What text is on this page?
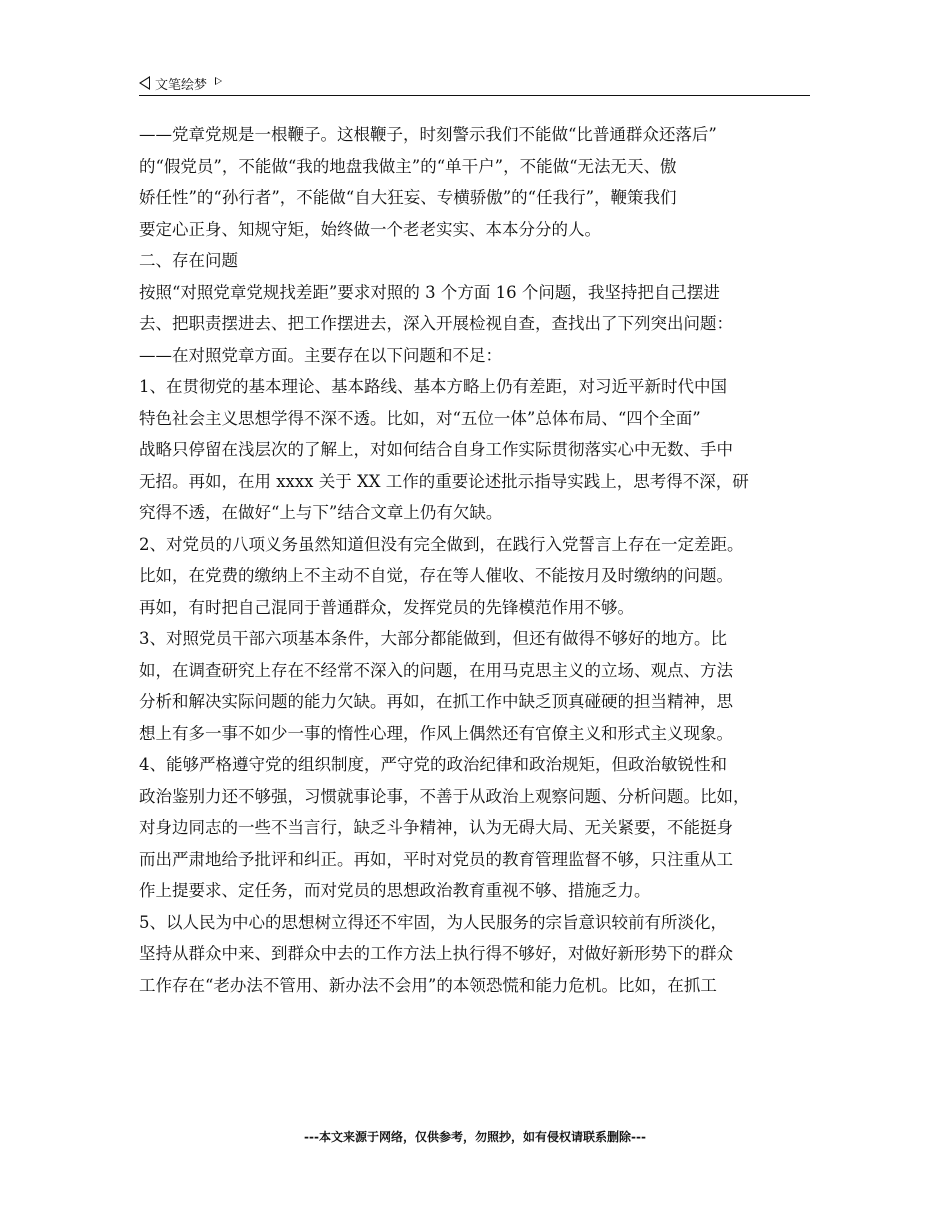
文笔绘梦

——党章党规是一根鞭子。这根鞭子，时刻警示我们不能做“比普通群众还落后”

的“假党员”，不能做“我的地盘我做主”的“单干户”，不能做“无法无天、傲

娇任性”的“孙行者”，不能做“自大狂妄、专横骄傲”的“任我行”，鞭策我们

要定心正身、知规守矩，始终做一个老老实实、本本分分的人。

二、存在问题

按照“对照党章党规找差距”要求对照的 3 个方面 16 个问题，我坚持把自己摆进

去、把职责摆进去、把工作摆进去，深入开展检视自查，查找出了下列突出问题：

——在对照党章方面。主要存在以下问题和不足：

1、在贯彻党的基本理论、基本路线、基本方略上仍有差距，对习近平新时代中国

特色社会主义思想学得不深不透。比如，对“五位一体”总体布局、“四个全面”

战略只停留在浅层次的了解上，对如何结合自身工作实际贯彻落实心中无数、手中

无招。再如，在用 xxxx 关于 XX 工作的重要论述批示指导实践上，思考得不深，研

究得不透，在做好“上与下”结合文章上仍有欠缺。

2、对党员的八项义务虽然知道但没有完全做到，在践行入党誓言上存在一定差距。

比如，在党费的缴纳上不主动不自觉，存在等人催收、不能按月及时缴纳的问题。

再如，有时把自己混同于普通群众，发挥党员的先锋模范作用不够。

3、对照党员干部六项基本条件，大部分都能做到，但还有做得不够好的地方。比

如，在调查研究上存在不经常不深入的问题，在用马克思主义的立场、观点、方法

分析和解决实际问题的能力欠缺。再如，在抓工作中缺乏顶真碰硬的担当精神，思

想上有多一事不如少一事的惰性心理，作风上偶然还有官僚主义和形式主义现象。

4、能够严格遵守党的组织制度，严守党的政治纪律和政治规矩，但政治敏锐性和

政治鉴别力还不够强，习惯就事论事，不善于从政治上观察问题、分析问题。比如，

对身边同志的一些不当言行，缺乏斗争精神，认为无碍大局、无关紧要，不能挺身

而出严肃地给予批评和纠正。再如，平时对党员的教育管理监督不够，只注重从工

作上提要求、定任务，而对党员的思想政治教育重视不够、措施乏力。

5、以人民为中心的思想树立得还不牢固，为人民服务的宗旨意识较前有所淡化，

坚持从群众中来、到群众中去的工作方法上执行得不够好，对做好新形势下的群众

工作存在“老办法不管用、新办法不会用”的本领恐慌和能力危机。比如，在抓工

---本文来源于网络，仅供参考，勿照抄，如有侵权请联系删除---
